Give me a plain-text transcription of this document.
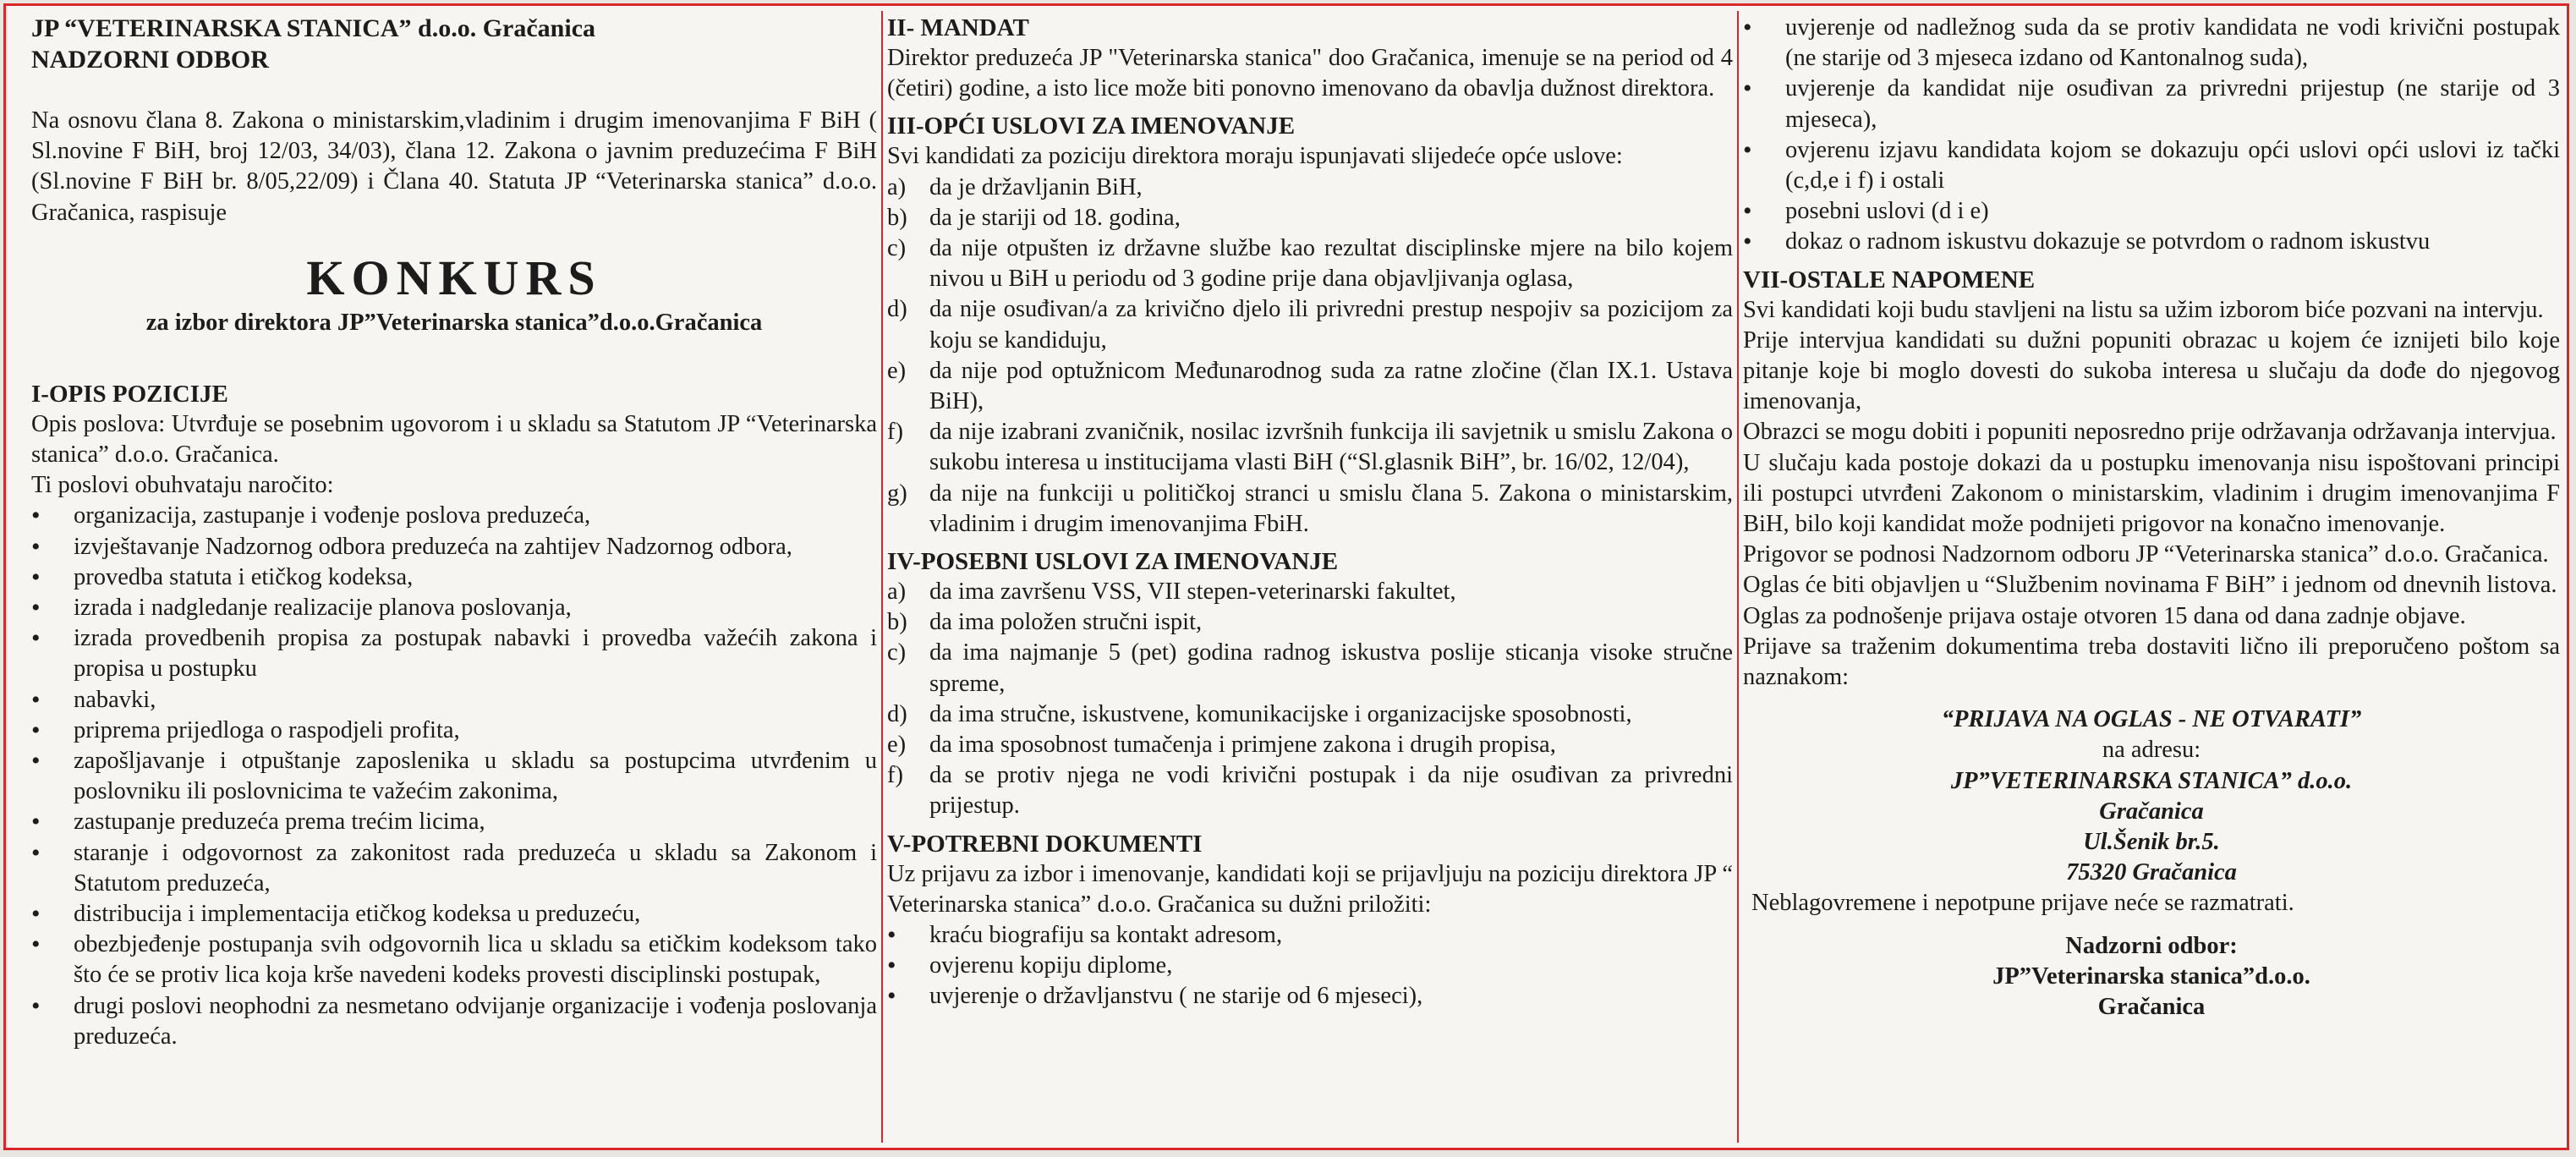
JP “VETERINARSKA STANICA” d.o.o. Gračanica

NADZORNI ODBOR

Na osnovu člana 8. Zakona o ministarskim,vladinim i drugim imenovanjima F BiH ( Sl.novine F BiH, broj 12/03, 34/03), člana 12. Zakona o javnim preduzećima F BiH (Sl.novine F BiH br. 8/05,22/09) i Člana 40. Statuta JP “Veterinarska stanica” d.o.o. Gračanica, raspisuje

KONKURS
za izbor direktora JP”Veterinarska stanica”d.o.o.Gračanica

I-OPIS POZICIJE

Opis poslova: Utvrđuje se posebnim ugovorom i u skladu sa Statutom JP “Veterinarska stanica” d.o.o. Gračanica.

Ti poslovi obuhvataju naročito:

• organizacija, zastupanje i vođenje poslova preduzeća,
• izvještavanje Nadzornog odbora preduzeća na zahtijev Nadzornog odbora,
• provedba statuta i etičkog kodeksa,
• izrada i nadgledanje realizacije planova poslovanja,
• izrada provedbenih propisa za postupak nabavki i provedba važećih zakona i propisa u postupku
• nabavki,
• priprema prijedloga o raspodjeli profita,
• zapošljavanje i otpuštanje zaposlenika u skladu sa postupcima utvrđenim u poslovniku ili poslovnicima te važećim zakonima,
• zastupanje preduzeća prema trećim licima,
• staranje i odgovornost za zakonitost rada preduzeća u skladu sa Zakonom i Statutom preduzeća,
• distribucija i implementacija etičkog kodeksa u preduzeću,
• obezbjeđenje postupanja svih odgovornih lica u skladu sa etičkim kodeksom tako što će se protiv lica koja krše navedeni kodeks provesti disciplinski postupak,
• drugi poslovi neophodni za nesmetano odvijanje organizacije i vođenja poslovanja preduzeća.

II- MANDAT

Direktor preduzeća JP "Veterinarska stanica" doo Gračanica, imenuje se na period od 4 (četiri) godine, a isto lice može biti ponovno imenovano da obavlja dužnost direktora.

III-OPĆI USLOVI ZA IMENOVANJE

Svi kandidati za poziciju direktora moraju ispunjavati slijedeće opće uslove:

a) da je državljanin BiH,
b) da je stariji od 18. godina,
c) da nije otpušten iz državne službe kao rezultat disciplinske mjere na bilo kojem nivou u BiH u periodu od 3 godine prije dana objavljivanja oglasa,
d) da nije osuđivan/a za krivično djelo ili privredni prestup nespojiv sa pozicijom za koju se kandiduju,
e) da nije pod optužnicom Međunarodnog suda za ratne zločine (član IX.1. Ustava BiH),
f) da nije izabrani zvaničnik, nosilac izvršnih funkcija ili savjetnik u smislu Zakona o sukobu interesa u institucijama vlasti BiH (“Sl.glasnik BiH”, br. 16/02, 12/04),
g) da nije na funkciji u političkoj stranci u smislu člana 5. Zakona o ministarskim, vladinim i drugim imenovanjima FbiH.

IV-POSEBNI USLOVI ZA IMENOVANJE

a) da ima završenu VSS, VII stepen-veterinarski fakultet,
b) da ima položen stručni ispit,
c) da ima najmanje 5 (pet) godina radnog iskustva poslije sticanja visoke stručne spreme,
d) da ima stručne, iskustvene, komunikacijske i organizacijske sposobnosti,
e) da ima sposobnost tumačenja i primjene zakona i drugih propisa,
f) da se protiv njega ne vodi krivični postupak i da nije osuđivan za privredni prijestup.

V-POTREBNI DOKUMENTI

Uz prijavu za izbor i imenovanje, kandidati koji se prijavljuju na poziciju direktora JP “ Veterinarska stanica” d.o.o. Gračanica su dužni priložiti:

• kraću biografiju sa kontakt adresom,
• ovjerenu kopiju diplome,
• uvjerenje o državljanstvu ( ne starije od 6 mjeseci),
• uvjerenje od nadležnog suda da se protiv kandidata ne vodi krivični postupak (ne starije od 3 mjeseca izdano od Kantonalnog suda),
• uvjerenje da kandidat nije osuđivan za privredni prijestup (ne starije od 3 mjeseca),
• ovjerenu izjavu kandidata kojom se dokazuju opći uslovi opći uslovi iz tački (c,d,e i f) i ostali
• posebni uslovi (d i e)
• dokaz o radnom iskustvu dokazuje se potvrdom o radnom iskustvu

VII-OSTALE NAPOMENE

Svi kandidati koji budu stavljeni na listu sa užim izborom biće pozvani na intervju.

Prije intervjua kandidati su dužni popuniti obrazac u kojem će iznijeti bilo koje pitanje koje bi moglo dovesti do sukoba interesa u slučaju da dođe do njegovog imenovanja,

Obrazci se mogu dobiti i popuniti neposredno prije održavanja održavanja intervjua.

U slučaju kada postoje dokazi da u postupku imenovanja nisu ispoštovani principi ili postupci utvrđeni Zakonom o ministarskim, vladinim i drugim imenovanjima F BiH, bilo koji kandidat može podnijeti prigovor na konačno imenovanje.

Prigovor se podnosi Nadzornom odboru JP “Veterinarska stanica” d.o.o. Gračanica.

Oglas će biti objavljen u “Službenim novinama F BiH” i jednom od dnevnih listova.

Oglas za podnošenje prijava ostaje otvoren 15 dana od dana zadnje objave.

Prijave sa traženim dokumentima treba dostaviti lično ili preporučeno poštom sa naznakom:

“PRIJAVA NA OGLAS - NE OTVARATI”

na adresu:

JP”VETERINARSKA STANICA” d.o.o.

Gračanica

Ul.Šenik br.5.

75320 Gračanica

Neblagovremene i nepotpune prijave neće se razmatrati.

Nadzorni odbor:

JP”Veterinarska stanica”d.o.o.

Gračanica
